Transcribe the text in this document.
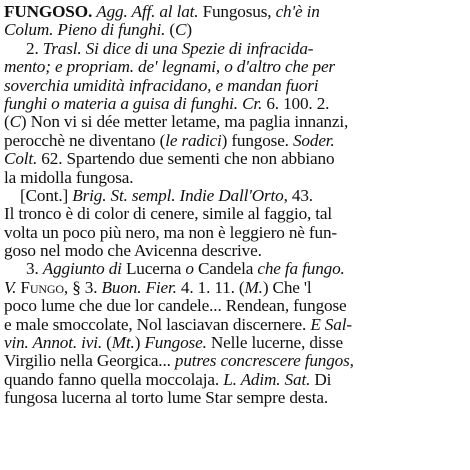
FUNGOSO. Agg. Aff. al lat. Fungosus, ch'è in
Colum. Pieno di funghi. (C)
2. Trasl. Si dice di una Spezie di infracida-
mento; e propriam. de' legnami, o d'altro che per
soverchia umidità infracidano, e mandan fuori
funghi o materia a guisa di funghi. Cr. 6. 100. 2.
(C) Non vi si dée metter letame, ma paglia innanzi,
perocchè ne diventano (le radici) fungose. Soder.
Colt. 62. Spartendo due sementi che non abbiano
la midolla fungosa.
[Cont.] Brig. St. sempl. Indie Dall'Orto, 43.
Il tronco è di color di cenere, simile al faggio, tal
volta un poco più nero, ma non è leggiero nè fun-
goso nel modo che Avicenna descrive.
3. Aggiunto di Lucerna o Candela che fa fungo.
V. Fungo, § 3. Buon. Fier. 4. 1. 11. (M.) Che 'l
poco lume che due lor candele... Rendean, fungose
e male smoccolate, Nol lasciavan discernere. E Sal-
vin. Annot. ivi. (Mt.) Fungose. Nelle lucerne, disse
Virgilio nella Georgica... putres concrescere fungos,
quando fanno quella moccolaja. L. Adim. Sat. Di
fungosa lucerna al torto lume Star sempre desta.
